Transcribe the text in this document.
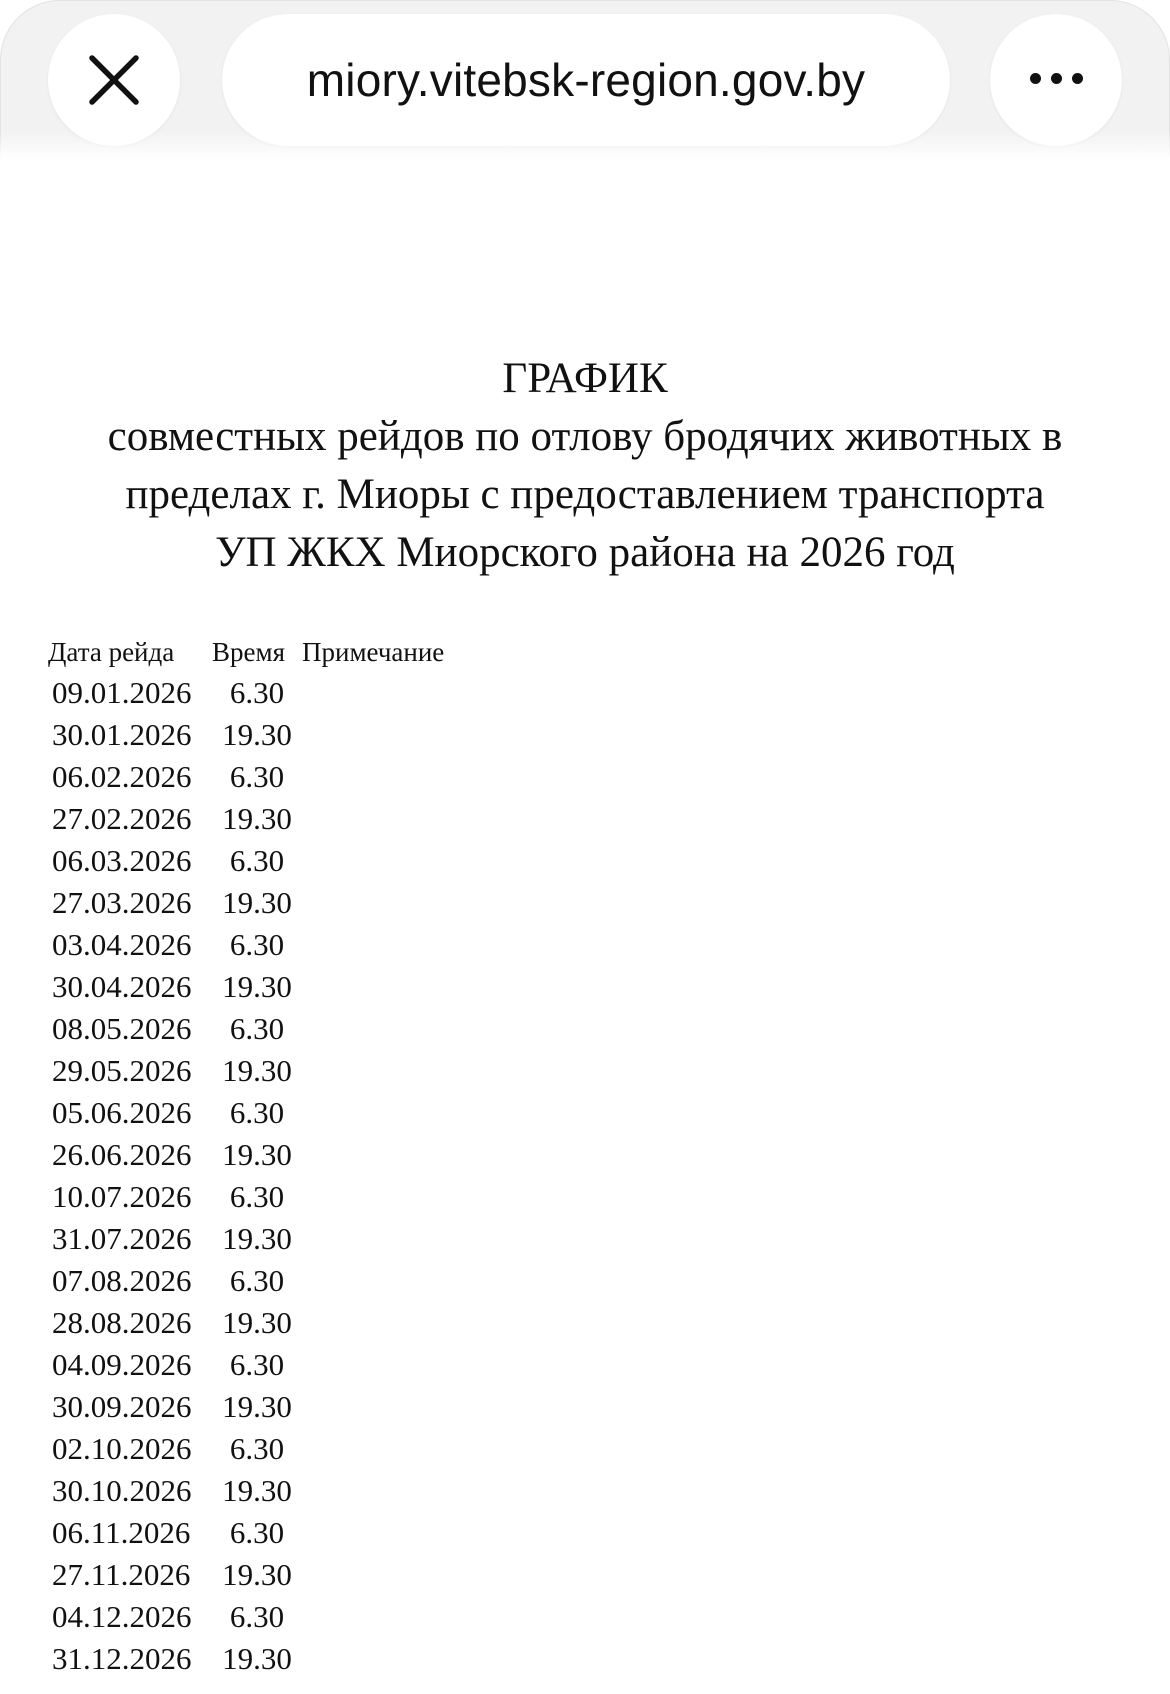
miory.vitebsk-region.gov.by
ГРАФИК
совместных рейдов по отлову бродячих животных в
пределах г. Миоры с предоставлением транспорта
УП ЖКХ Миорского района на 2026 год
Дата рейда	Время	Примечание
09.01.2026	6.30	
30.01.2026	19.30	
06.02.2026	6.30	
27.02.2026	19.30	
06.03.2026	6.30	
27.03.2026	19.30	
03.04.2026	6.30	
30.04.2026	19.30	
08.05.2026	6.30	
29.05.2026	19.30	
05.06.2026	6.30	
26.06.2026	19.30	
10.07.2026	6.30	
31.07.2026	19.30	
07.08.2026	6.30	
28.08.2026	19.30	
04.09.2026	6.30	
30.09.2026	19.30	
02.10.2026	6.30	
30.10.2026	19.30	
06.11.2026	6.30	
27.11.2026	19.30	
04.12.2026	6.30	
31.12.2026	19.30	
